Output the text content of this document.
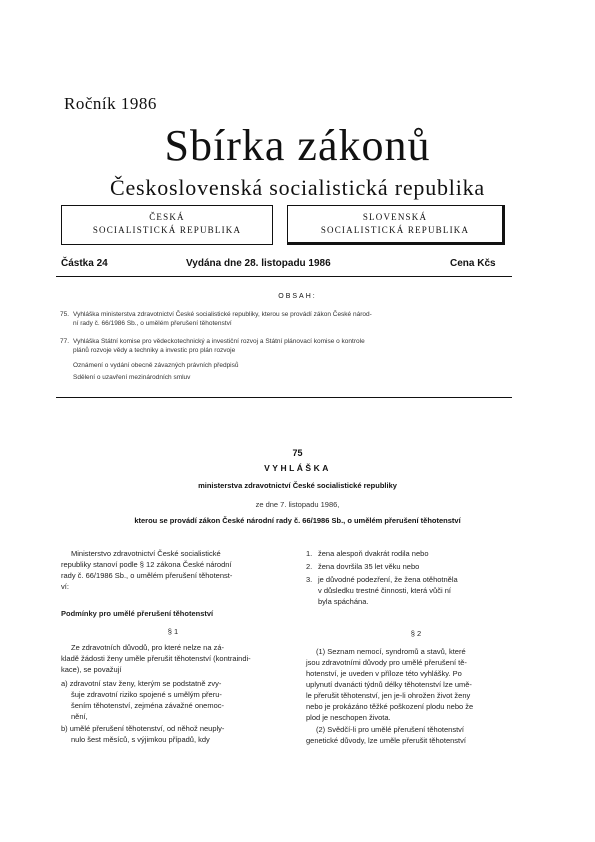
Ročník 1986
Sbírka zákonů
Československá socialistická republika
ČESKÁ
SOCIALISTICKÁ REPUBLIKA
SLOVENSKÁ
SOCIALISTICKÁ REPUBLIKA
Částka 24	Vydána dne 28. listopadu 1986	Cena Kčs
OBSAH:
75. Vyhláška ministerstva zdravotnictví České socialistické republiky, kterou se provádí zákon České národ-
ní rady č. 66/1986 Sb., o umělém přerušení těhotenství
77. Vyhláška Státní komise pro vědeckotechnický a investiční rozvoj a Státní plánovací komise o kontrole
plánů rozvoje vědy a techniky a investic pro plán rozvoje
Oznámení o vydání obecně závazných právních předpisů
Sdělení o uzavření mezinárodních smluv
75
VYHLÁŠKA
ministerstva zdravotnictví České socialistické republiky
ze dne 7. listopadu 1986,
kterou se provádí zákon České národní rady č. 66/1986 Sb., o umělém přerušení těhotenství
Ministerstvo zdravotnictví České socialistické
republiky stanoví podle § 12 zákona České národní
rady č. 66/1986 Sb., o umělém přerušení těhotenst-
ví:
Podmínky pro umělé přerušení těhotenství
§ 1
Ze zdravotních důvodů, pro které nelze na zá-
kladě žádosti ženy uměle přerušit těhotenství (kontraindi-
kace), se považují
a) zdravotní stav ženy, kterým se podstatně zvy-
šuje zdravotní riziko spojené s umělým přeru-
šením těhotenství, zejména závažné onemoc-
nění,
b) umělé přerušení těhotenství, od něhož neuply-
nulo šest měsíců, s výjimkou případů, kdy
1. žena alespoň dvakrát rodila nebo
2. žena dovršila 35 let věku nebo
3. je důvodné podezření, že žena otěhotněla
v důsledku trestné činnosti, která vůči ní
byla spáchána.
§ 2
(1) Seznam nemocí, syndromů a stavů, které
jsou zdravotními důvody pro umělé přerušení tě-
hotenství, je uveden v příloze této vyhlášky. Po
uplynutí dvanácti týdnů délky těhotenství lze umě-
le přerušit těhotenství, jen je-li ohrožen život ženy
nebo je prokázáno těžké poškození plodu nebo že
plod je neschopen života.
(2) Svědčí-li pro umělé přerušení těhotenství
genetické důvody, lze uměle přerušit těhotenství
